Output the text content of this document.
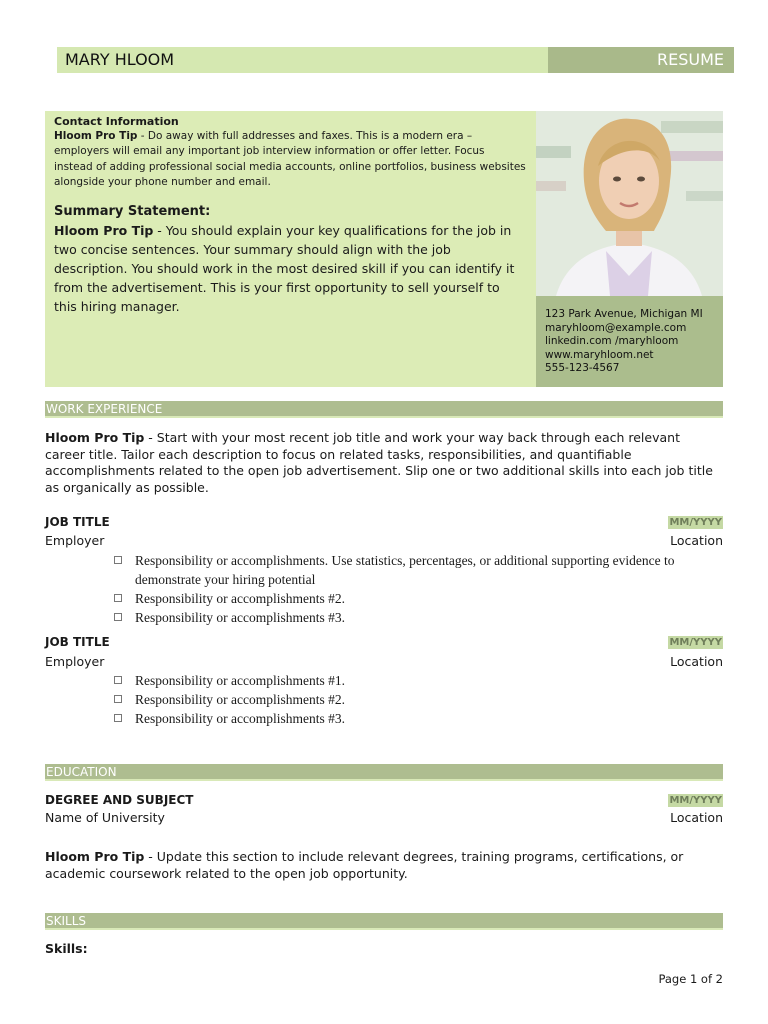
MARY HLOOM	RESUME
Contact Information
Hloom Pro Tip - Do away with full addresses and faxes. This is a modern era – employers will email any important job interview information or offer letter. Focus instead of adding professional social media accounts, online portfolios, business websites alongside your phone number and email.
Summary Statement:
Hloom Pro Tip - You should explain your key qualifications for the job in two concise sentences. Your summary should align with the job description. You should work in the most desired skill if you can identify it from the advertisement. This is your first opportunity to sell yourself to this hiring manager.
123 Park Avenue, Michigan MI
maryhloom@example.com
linkedin.com /maryhloom
www.maryhloom.net
555-123-4567
WORK EXPERIENCE
Hloom Pro Tip - Start with your most recent job title and work your way back through each relevant career title. Tailor each description to focus on related tasks, responsibilities, and quantifiable accomplishments related to the open job advertisement. Slip one or two additional skills into each job title as organically as possible.
JOB TITLE	MM/YYYY
Employer	Location
Responsibility or accomplishments. Use statistics, percentages, or additional supporting evidence to demonstrate your hiring potential
Responsibility or accomplishments #2.
Responsibility or accomplishments #3.
JOB TITLE	MM/YYYY
Employer	Location
Responsibility or accomplishments #1.
Responsibility or accomplishments #2.
Responsibility or accomplishments #3.
EDUCATION
DEGREE AND SUBJECT	MM/YYYY
Name of University	Location
Hloom Pro Tip - Update this section to include relevant degrees, training programs, certifications, or academic coursework related to the open job opportunity.
SKILLS
Skills:
Page 1 of 2
